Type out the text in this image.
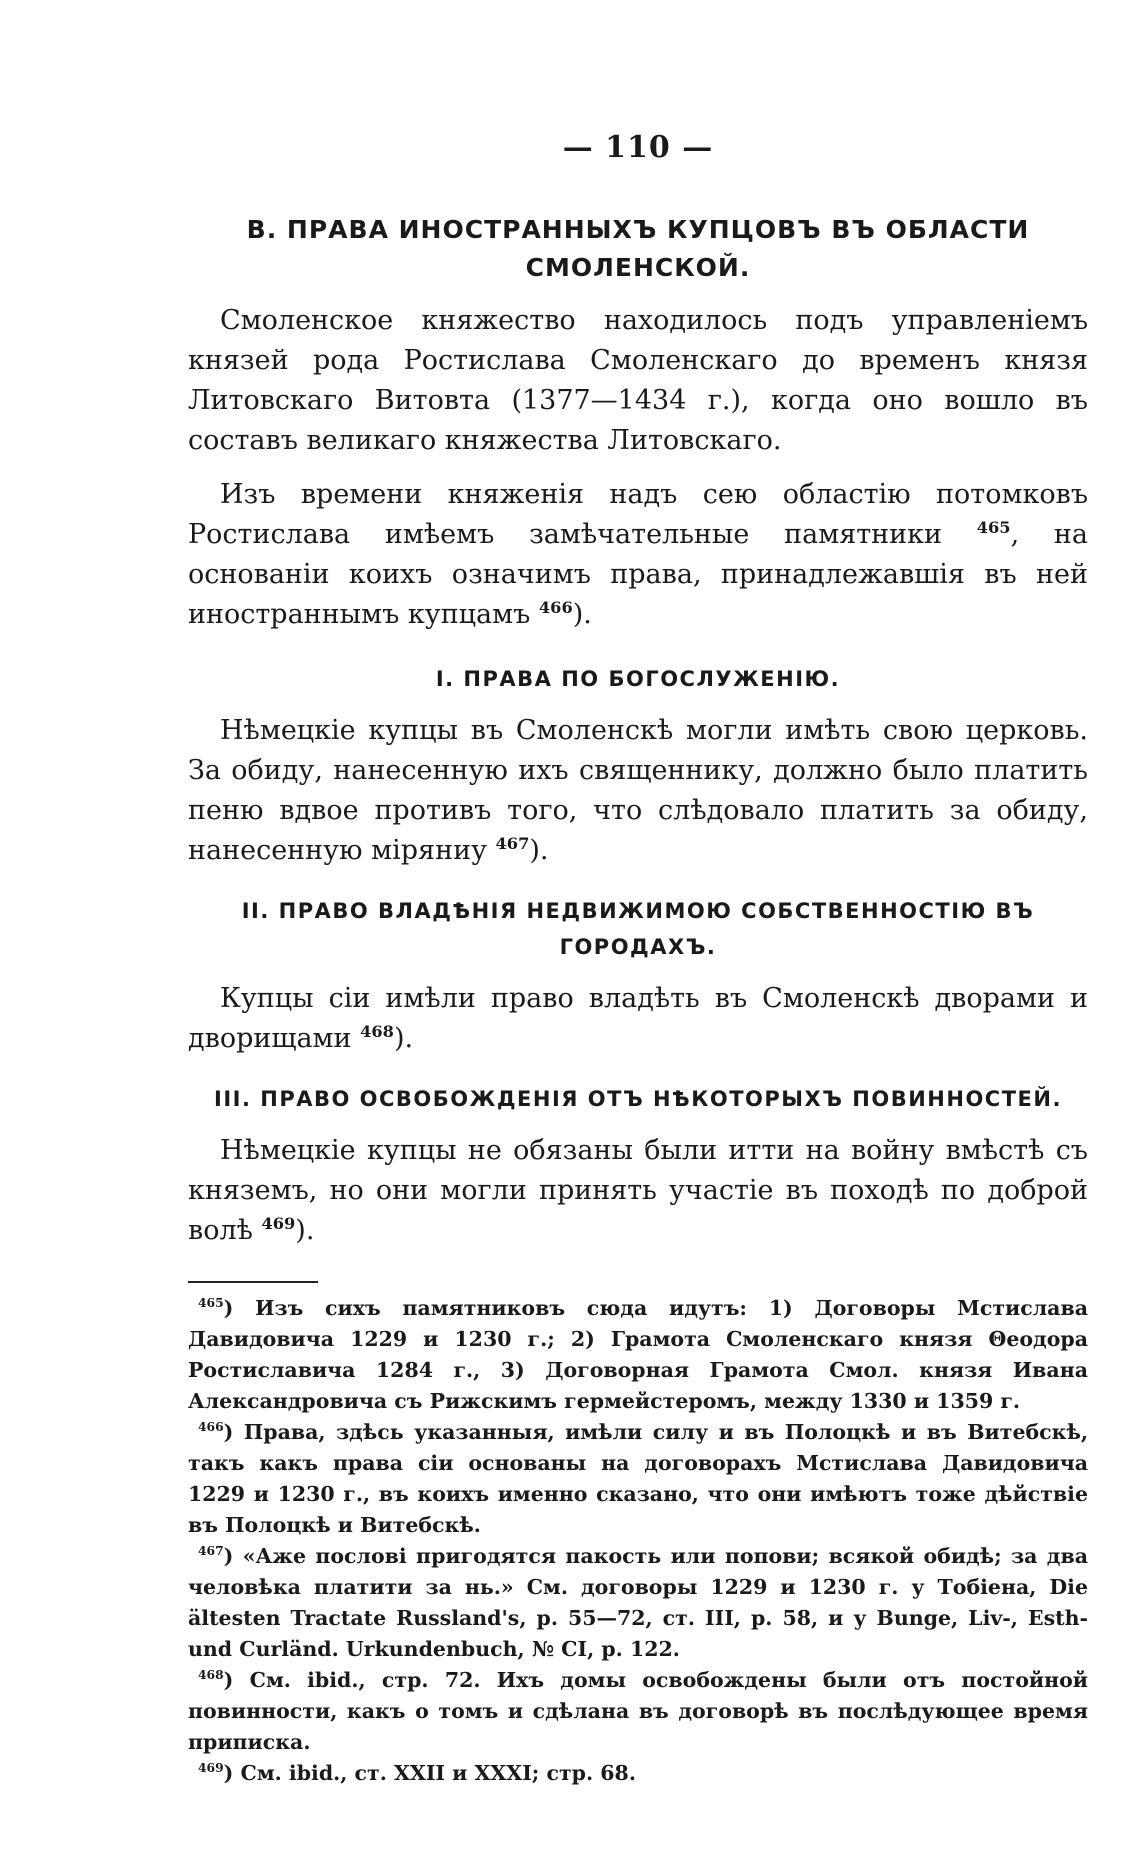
— 110 —
В. ПРАВА ИНОСТРАННЫХЪ КУПЦОВЪ ВЪ ОБЛАСТИ
СМОЛЕНСКОЙ.

Смоленское княжество находилось подъ управленіемъ князей рода Ростислава Смоленскаго до временъ князя Литовскаго Витовта (1377—1434 г.), когда оно вошло въ составъ великаго княжества Литовскаго.

Изъ времени княженія надъ сею областію потомковъ Ростислава имѣемъ замѣчательные памятники $^{465}$, на основаніи коихъ означимъ права, принадлежавшія въ ней иностраннымъ купцамъ $^{466}$).

I. ПРАВА ПО БОГОСЛУЖЕНІЮ.

Нѣмецкіе купцы въ Смоленскѣ могли имѣть свою церковь. За обиду, нанесенную ихъ священнику, должно было платить пеню вдвое противъ того, что слѣдовало платить за обиду, нанесенную міряниу $^{467}$).

II. ПРАВО ВЛАДѢНІЯ НЕДВИЖИМОЮ СОБСТВЕННОСТІЮ ВЪ
ГОРОДАХЪ.

Купцы сіи имѣли право владѣть въ Смоленскѣ дворами и дворищами $^{468}$).

III. ПРАВО ОСВОБОЖДЕНІЯ ОТЪ НѢКОТОРЫХЪ ПОВИННОСТЕЙ.

Нѣмецкіе купцы не обязаны были итти на войну вмѣстѣ съ княземъ, но они могли принять участіе въ походѣ по доброй волѣ $^{469}$).

$^{465}$) Изъ сихъ памятниковъ сюда идутъ: 1) Договоры Мстислава Давидовича 1229 и 1230 г.; 2) Грамота Смоленскаго князя Θеодора Ростиславича 1284 г., 3) Договорная Грамота Смол. князя Ивана Александровича съ Рижскимъ гермейстеромъ, между 1330 и 1359 г.

$^{466}$) Права, здѣсь указанныя, имѣли силу и въ Полоцкѣ и въ Витебскѣ, такъ какъ права сіи основаны на договорахъ Мстислава Давидовича 1229 и 1230 г., въ коихъ именно сказано, что они имѣютъ тоже дѣйствіе въ Полоцкѣ и Витебскѣ.

$^{467}$) «Аже послові пригодятся пакость или попови; всякой обидѣ; за два человѣка платити за нь.» См. договоры 1229 и 1230 г. у Тобіена, Die ältesten Tractate Russland's, p. 55—72, ст. III, p. 58, и у Bunge, Liv-, Esth- und Curländ. Urkundenbuch, № CI, p. 122.

$^{468}$) См. ibid., стр. 72. Ихъ домы освобождены были отъ постойной повинности, какъ о томъ и сдѣлана въ договорѣ въ послѣдующее время приписка.

$^{469}$) См. ibid., ст. XXII и XXXI; стр. 68.
